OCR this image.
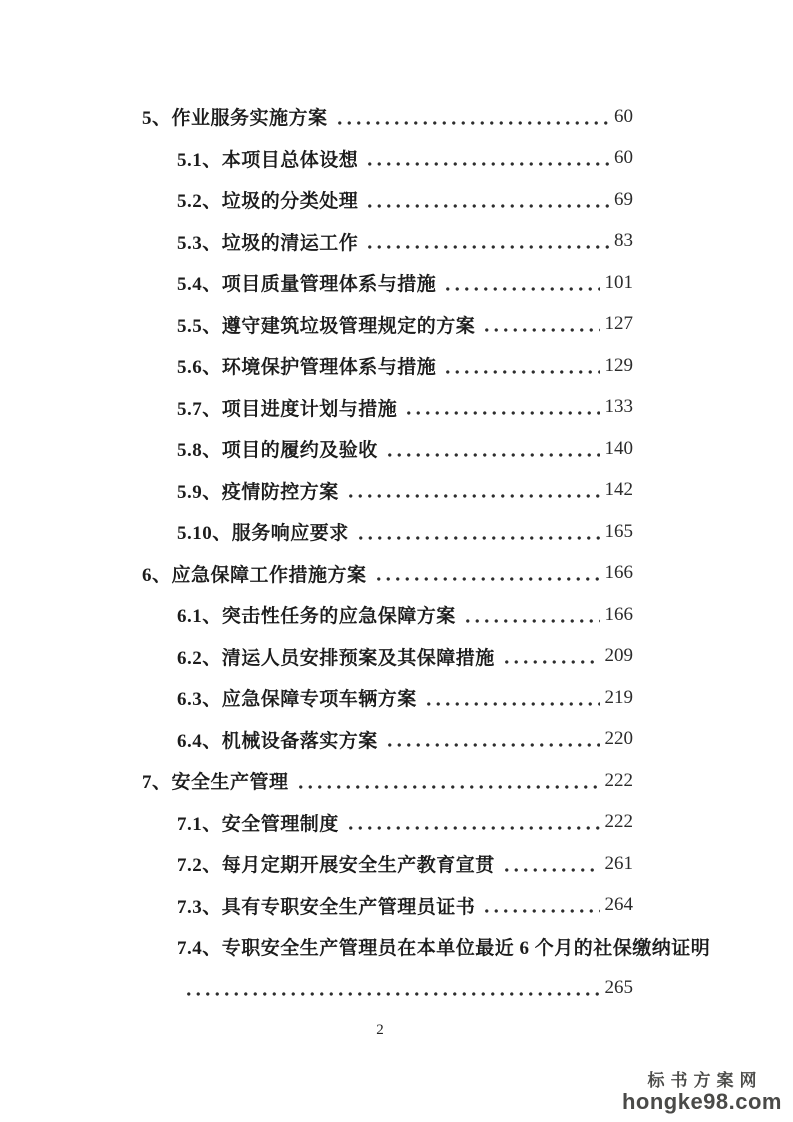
5、作业服务实施方案	60
5.1、本项目总体设想	60
5.2、垃圾的分类处理	69
5.3、垃圾的清运工作	83
5.4、项目质量管理体系与措施	101
5.5、遵守建筑垃圾管理规定的方案	127
5.6、环境保护管理体系与措施	129
5.7、项目进度计划与措施	133
5.8、项目的履约及验收	140
5.9、疫情防控方案	142
5.10、服务响应要求	165
6、应急保障工作措施方案	166
6.1、突击性任务的应急保障方案	166
6.2、清运人员安排预案及其保障措施	209
6.3、应急保障专项车辆方案	219
6.4、机械设备落实方案	220
7、安全生产管理	222
7.1、安全管理制度	222
7.2、每月定期开展安全生产教育宣贯	261
7.3、具有专职安全生产管理员证书	264
7.4、专职安全生产管理员在本单位最近 6 个月的社保缴纳证明
265
2
标书方案网
hongke98.com
